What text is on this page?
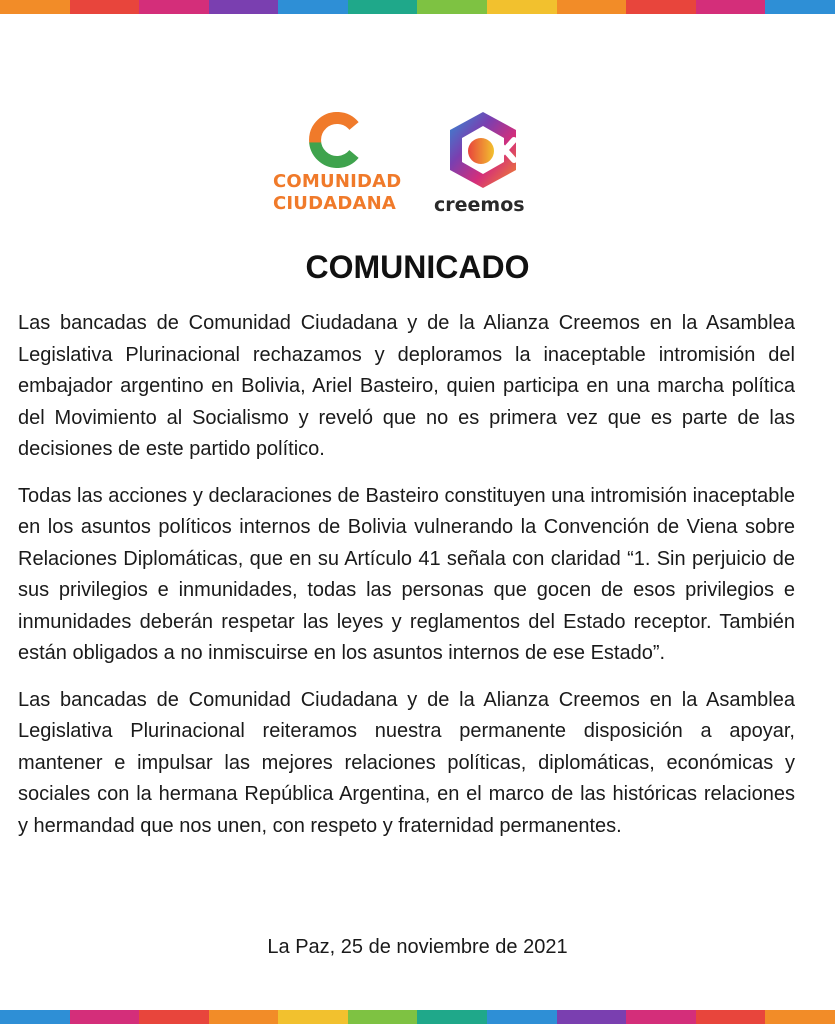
COMUNIDAD
CIUDADANA	creemos
COMUNICADO

Las bancadas de Comunidad Ciudadana y de la Alianza Creemos en la Asamblea Legislativa Plurinacional rechazamos y deploramos la inaceptable intromisión del embajador argentino en Bolivia, Ariel Basteiro, quien participa en una marcha política del Movimiento al Socialismo y reveló que no es primera vez que es parte de las decisiones de este partido político.

Todas las acciones y declaraciones de Basteiro constituyen una intromisión inaceptable en los asuntos políticos internos de Bolivia vulnerando la Convención de Viena sobre Relaciones Diplomáticas, que en su Artículo 41 señala con claridad “1. Sin perjuicio de sus privilegios e inmunidades, todas las personas que gocen de esos privilegios e inmunidades deberán respetar las leyes y reglamentos del Estado receptor. También están obligados a no inmiscuirse en los asuntos internos de ese Estado”.

Las bancadas de Comunidad Ciudadana y de la Alianza Creemos en la Asamblea Legislativa Plurinacional reiteramos nuestra permanente disposición a apoyar, mantener e impulsar las mejores relaciones políticas, diplomáticas, económicas y sociales con la hermana República Argentina, en el marco de las históricas relaciones y hermandad que nos unen, con respeto y fraternidad permanentes.

La Paz, 25 de noviembre de 2021
